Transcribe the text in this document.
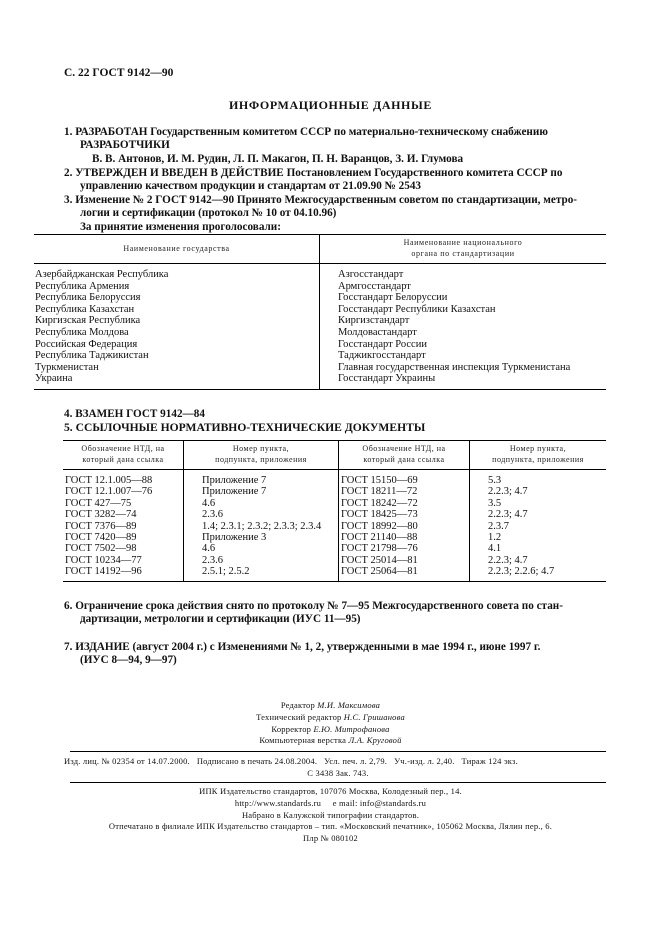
С. 22 ГОСТ 9142—90
ИНФОРМАЦИОННЫЕ ДАННЫЕ
1. РАЗРАБОТАН Государственным комитетом СССР по материально-техническому снабжению
РАЗРАБОТЧИКИ
В. В. Антонов, И. М. Рудин, Л. П. Макагон, П. Н. Варанцов, З. И. Глумова
2. УТВЕРЖДЕН И ВВЕДЕН В ДЕЙСТВИЕ Постановлением Государственного комитета СССР по
управлению качеством продукции и стандартам от 21.09.90 № 2543
3. Изменение № 2 ГОСТ 9142—90 Принято Межгосударственным советом по стандартизации, метро-
логии и сертификации (протокол № 10 от 04.10.96)
За принятие изменения проголосовали:
Наименование государства	Наименование национального
органа по стандартизации
Азербайджанская Республика	Азгосстандарт
Республика Армения	Армгосстандарт
Республика Белоруссия	Госстандарт Белоруссии
Республика Казахстан	Госстандарт Республики Казахстан
Киргизская Республика	Киргизстандарт
Республика Молдова	Молдовастандарт
Российская Федерация	Госстандарт России
Республика Таджикистан	Таджикгосстандарт
Туркменистан	Главная государственная инспекция Туркменистана
Украина	Госстандарт Украины
4. ВЗАМЕН ГОСТ 9142—84
5. ССЫЛОЧНЫЕ НОРМАТИВНО-ТЕХНИЧЕСКИЕ ДОКУМЕНТЫ
Обозначение НТД, на
который дана ссылка	Номер пункта,
подпункта, приложения	Обозначение НТД, на
который дана ссылка	Номер пункта,
подпункта, приложения
ГОСТ 12.1.005—88	Приложение 7	ГОСТ 15150—69	5.3
ГОСТ 12.1.007—76	Приложение 7	ГОСТ 18211—72	2.2.3; 4.7
ГОСТ 427—75	4.6	ГОСТ 18242—72	3.5
ГОСТ 3282—74	2.3.6	ГОСТ 18425—73	2.2.3; 4.7
ГОСТ 7376—89	1.4; 2.3.1; 2.3.2; 2.3.3; 2.3.4	ГОСТ 18992—80	2.3.7
ГОСТ 7420—89	Приложение 3	ГОСТ 21140—88	1.2
ГОСТ 7502—98	4.6	ГОСТ 21798—76	4.1
ГОСТ 10234—77	2.3.6	ГОСТ 25014—81	2.2.3; 4.7
ГОСТ 14192—96	2.5.1; 2.5.2	ГОСТ 25064—81	2.2.3; 2.2.6; 4.7
6. Ограничение срока действия снято по протоколу № 7—95 Межгосударственного совета по стан-
дартизации, метрологии и сертификации (ИУС 11—95)
7. ИЗДАНИЕ (август 2004 г.) с Изменениями № 1, 2, утвержденными в мае 1994 г., июне 1997 г.
(ИУС 8—94, 9—97)
Редактор М.И. Максимова
Технический редактор Н.С. Гришанова
Корректор Е.Ю. Митрофанова
Компьютерная верстка Л.А. Круговой
Изд. лиц. № 02354 от 14.07.2000.   Подписано в печать 24.08.2004.   Усл. печ. л. 2,79.   Уч.-изд. л. 2,40.   Тираж 124 экз.
С 3438 Зак. 743.
ИПК Издательство стандартов, 107076 Москва, Колодезный пер., 14.
http://www.standards.ru     e mail: info@standards.ru
Набрано в Калужской типографии стандартов.
Отпечатано в филиале ИПК Издательство стандартов – тип. «Московский печатник», 105062 Москва, Лялин пер., 6.
Плр № 080102
